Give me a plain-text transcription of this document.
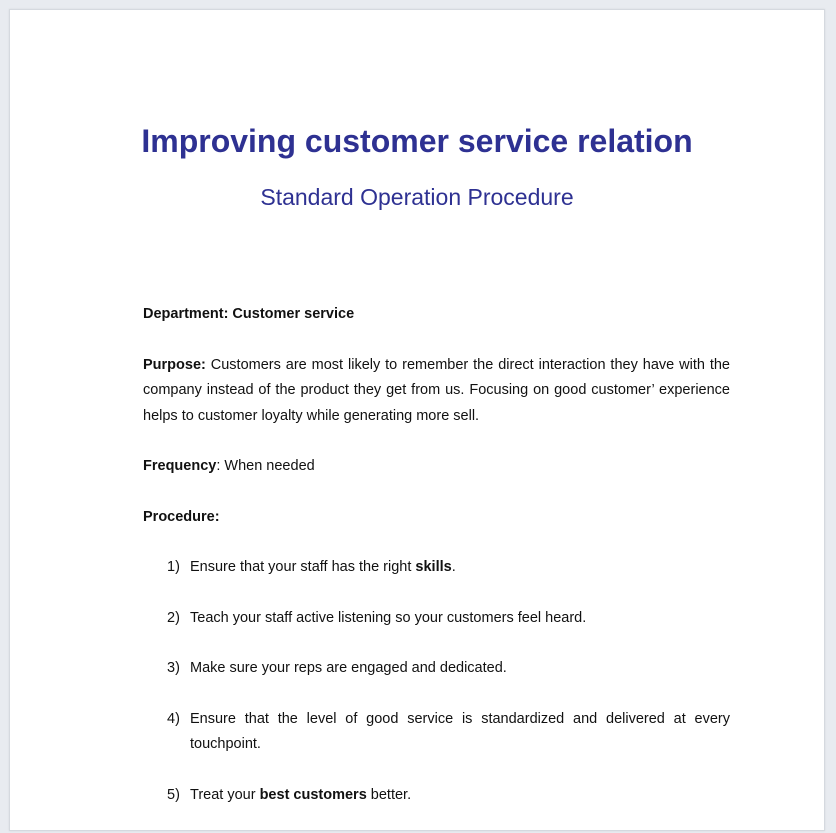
Improving customer service relation
Standard Operation Procedure

Department: Customer service

Purpose: Customers are most likely to remember the direct interaction they have with the company instead of the product they get from us. Focusing on good customer’ experience helps to customer loyalty while generating more sell.

Frequency: When needed

Procedure:

1) Ensure that your staff has the right skills.
2) Teach your staff active listening so your customers feel heard.
3) Make sure your reps are engaged and dedicated.
4) Ensure that the level of good service is standardized and delivered at every touchpoint.
5) Treat your best customers better.
